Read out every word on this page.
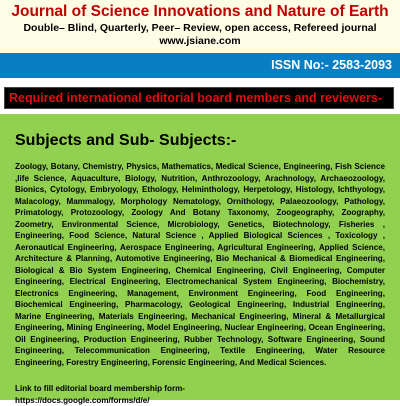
Journal of Science Innovations and Nature of Earth
Double– Blind, Quarterly, Peer– Review, open access, Refereed journal
www.jsiane.com
ISSN No:- 2583-2093
Required international editorial board members and reviewers-
Subjects and Sub- Subjects:-

Zoology, Botany, Chemistry, Physics, Mathematics, Medical Science, Engineering, Fish Science ,life Science, Aquaculture, Biology, Nutrition, Anthrozoology, Arachnology, Archaeozoology, Bionics, Cytology, Embryology, Ethology, Helminthology, Herpetology, Histology, Ichthyology, Malacology, Mammalogy, Morphology Nematology, Ornithology, Palaeozoology, Pathology, Primatology, Protozoology, Zoology And Botany Taxonomy, Zoogeography, Zoography, Zoometry, Environmental Science, Microbiology, Genetics, Biotechnology, Fisheries , Engineering, Food Science, Natural Science , Applied Biological Sciences , Toxicology , Aeronautical Engineering, Aerospace Engineering, Agricultural Engineering, Applied Science, Architecture & Planning, Automotive Engineering, Bio Mechanical & Biomedical Engineering, Biological & Bio System Engineering, Chemical Engineering, Civil Engineering, Computer Engineering, Electrical Engineering, Electromechanical System Engineering, Biochemistry, Electronics Engineering, Management, Environment Engineering, Food Engineering, Biochemical Engineering, Pharmacology, Geological Engineering, Industrial Engineering, Marine Engineering, Materials Engineering, Mechanical Engineering, Mineral & Metallurgical Engineering, Mining Engineering, Model Engineering, Nuclear Engineering, Ocean Engineering, Oil Engineering, Production Engineering, Rubber Technology, Software Engineering, Sound Engineering, Telecommunication Engineering, Textile Engineering, Water Resource Engineering, Forestry Engineering, Forensic Engineering, And Medical Sciences.

Link to fill editorial board membership form-
https://docs.google.com/forms/d/e/
